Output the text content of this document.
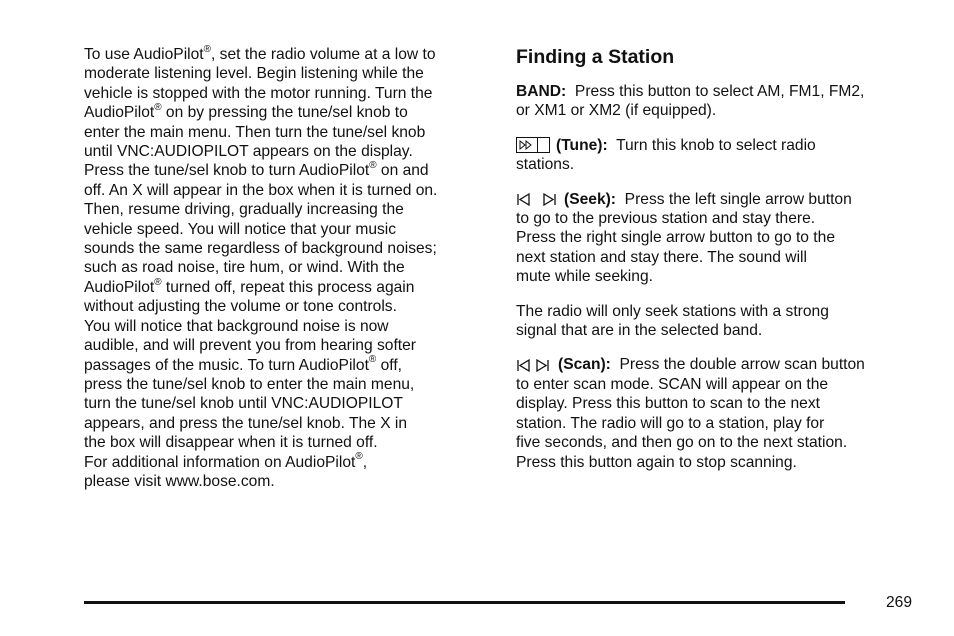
To use AudioPilot®, set the radio volume at a low to

moderate listening level. Begin listening while the

vehicle is stopped with the motor running. Turn the

AudioPilot® on by pressing the tune/sel knob to

enter the main menu. Then turn the tune/sel knob

until VNC:AUDIOPILOT appears on the display.

Press the tune/sel knob to turn AudioPilot® on and

off. An X will appear in the box when it is turned on.

Then, resume driving, gradually increasing the

vehicle speed. You will notice that your music

sounds the same regardless of background noises;

such as road noise, tire hum, or wind. With the

AudioPilot® turned off, repeat this process again

without adjusting the volume or tone controls.

You will notice that background noise is now

audible, and will prevent you from hearing softer

passages of the music. To turn AudioPilot® off,

press the tune/sel knob to enter the main menu,

turn the tune/sel knob until VNC:AUDIOPILOT

appears, and press the tune/sel knob. The X in

the box will disappear when it is turned off.

For additional information on AudioPilot®,

please visit www.bose.com.

Finding a Station

BAND: Press this button to select AM, FM1, FM2,

or XM1 or XM2 (if equipped).

(Tune): Turn this knob to select radio

stations.

(Seek): Press the left single arrow button

to go to the previous station and stay there.

Press the right single arrow button to go to the

next station and stay there. The sound will

mute while seeking.

The radio will only seek stations with a strong

signal that are in the selected band.

(Scan): Press the double arrow scan button

to enter scan mode. SCAN will appear on the

display. Press this button to scan to the next

station. The radio will go to a station, play for

five seconds, and then go on to the next station.

Press this button again to stop scanning.

269
